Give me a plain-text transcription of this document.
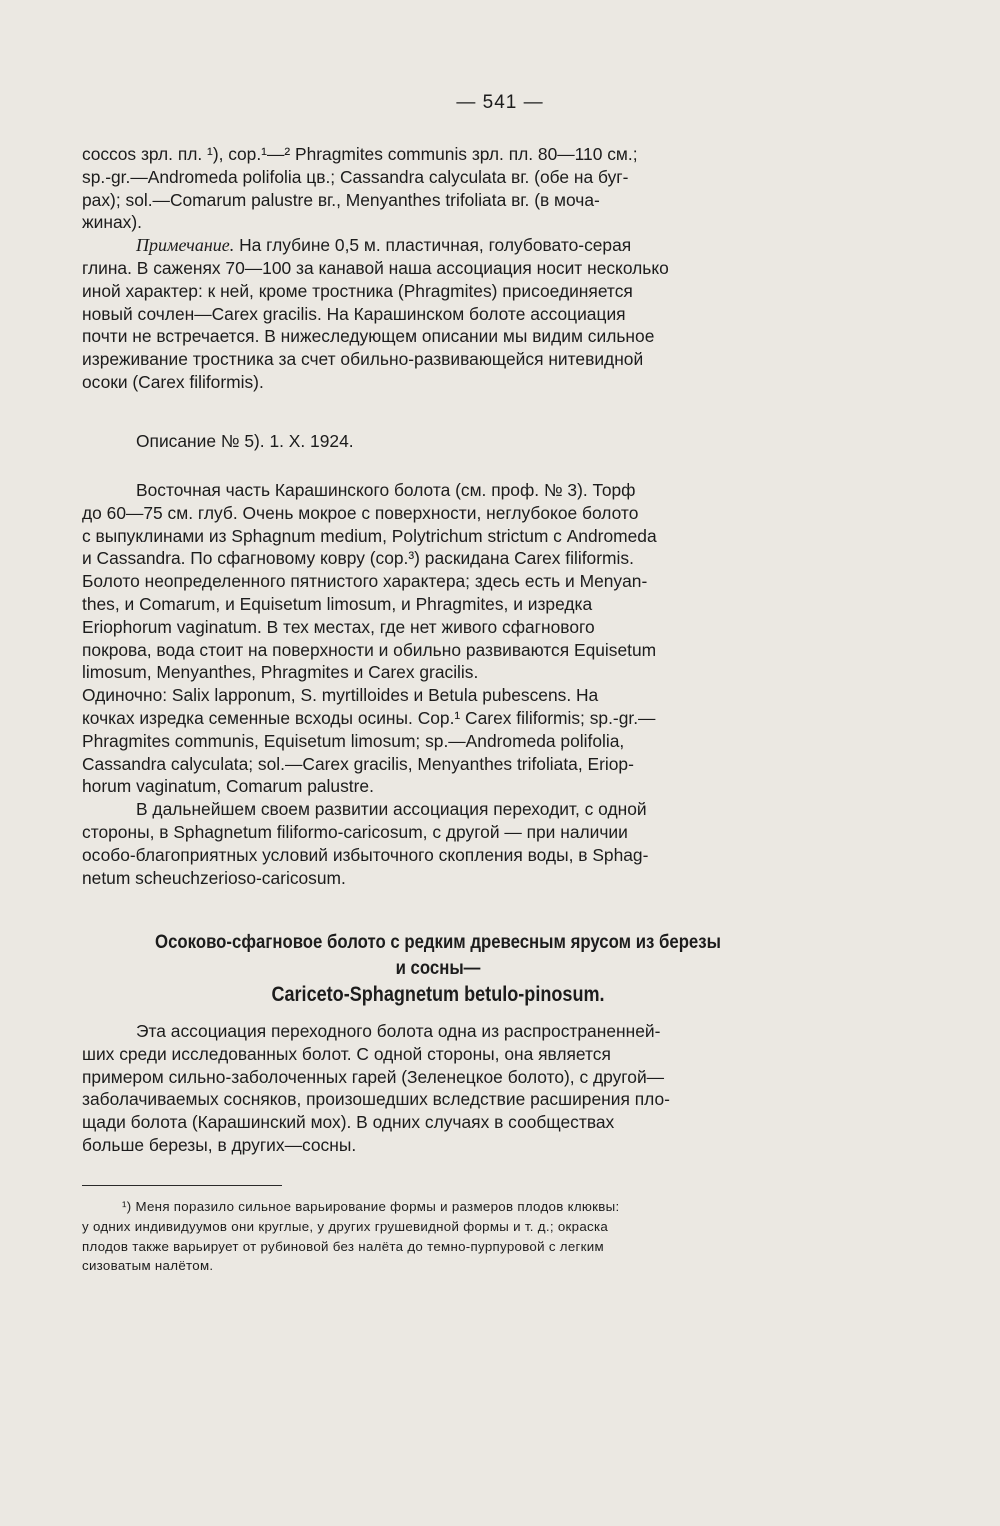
— 541 —

coccos зрл. пл. ¹), cop.¹—² Phragmites communis зрл. пл. 80—110 см.;

sp.-gr.—Andromeda polifolia цв.; Cassandra calyculata вг. (обе на буг-

рах); sol.—Comarum palustre вг., Menyanthes trifoliata вг. (в моча-

жинах).

Примечание. На глубине 0,5 м. пластичная, голубовато-серая

глина. В саженях 70—100 за канавой наша ассоциация носит несколько

иной характер: к ней, кроме тростника (Phragmites) присоединяется

новый сочлен—Carex gracilis. На Карашинском болоте ассоциация

почти не встречается. В нижеследующем описании мы видим сильное

изреживание тростника за счет обильно-развивающейся нитевидной

осоки (Carex filiformis).

Описание № 5). 1. X. 1924.

Восточная часть Карашинского болота (см. проф. № 3). Торф

до 60—75 см. глуб. Очень мокрое с поверхности, неглубокое болото

с выпуклинами из Sphagnum medium, Polytrichum strictum с Andromeda

и Cassandra. По сфагновому ковру (cop.³) раскидана Carex filiformis.

Болото неопределенного пятнистого характера; здесь есть и Menyan-

thes, и Comarum, и Equisetum limosum, и Phragmites, и изредка

Eriophorum vaginatum. В тех местах, где нет живого сфагнового

покрова, вода стоит на поверхности и обильно развиваются Equisetum

limosum, Menyanthes, Phragmites и Carex gracilis.

Одиночно: Salix lapponum, S. myrtilloides и Betula pubescens. На

кочках изредка семенные всходы осины. Cop.¹ Carex filiformis; sp.-gr.—

Phragmites communis, Equisetum limosum; sp.—Andromeda polifolia,

Cassandra calyculata; sol.—Carex gracilis, Menyanthes trifoliata, Eriop-

horum vaginatum, Comarum palustre.

В дальнейшем своем развитии ассоциация переходит, с одной

стороны, в Sphagnetum filiformo-caricosum, с другой — при наличии

особо-благоприятных условий избыточного скопления воды, в Sphag-

netum scheuchzerioso-caricosum.

Осоково-сфагновое болото с редким древесным ярусом из березы
и сосны—
Cariceto-Sphagnetum betulo-pinosum.

Эта ассоциация переходного болота одна из распространенней-

ших среди исследованных болот. С одной стороны, она является

примером сильно-заболоченных гарей (Зеленецкое болото), с другой—

заболачиваемых сосняков, произошедших вследствие расширения пло-

щади болота (Карашинский мох). В одних случаях в сообществах

больше березы, в других—сосны.

¹) Меня поразило сильное варьирование формы и размеров плодов клюквы:

у одних индивидуумов они круглые, у других грушевидной формы и т. д.; окраска

плодов также варьирует от рубиновой без налёта до темно-пурпуровой с легким

сизоватым налётом.
